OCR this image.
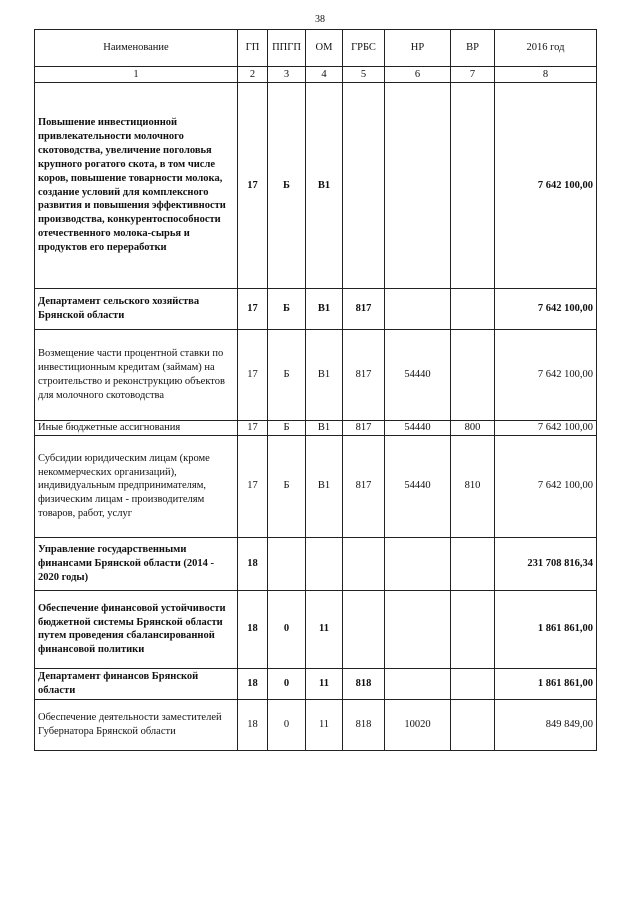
38
Наименование	ГП	ППГП	ОМ	ГРБС	НР	ВР	2016 год
1	2	3	4	5	6	7	8
Повышение инвестиционной привлекательности молочного скотоводства, увеличение поголовья крупного рогатого скота, в том числе коров, повышение товарности молока, создание условий для комплексного развития и повышения эффективности производства, конкурентоспособности отечественного молока-сырья и продуктов его переработки	17	Б	В1				7 642 100,00
Департамент сельского хозяйства Брянской области	17	Б	В1	817			7 642 100,00
Возмещение части процентной ставки по инвестиционным кредитам (займам) на строительство и реконструкцию объектов для молочного скотоводства	17	Б	В1	817	54440		7 642 100,00
Иные бюджетные ассигнования	17	Б	В1	817	54440	800	7 642 100,00
Субсидии юридическим лицам (кроме некоммерческих организаций), индивидуальным предпринимателям, физическим лицам - производителям товаров, работ, услуг	17	Б	В1	817	54440	810	7 642 100,00
Управление государственными финансами Брянской области (2014 - 2020 годы)	18						231 708 816,34
Обеспечение финансовой устойчивости бюджетной системы Брянской области путем проведения сбалансированной финансовой политики	18	0	11				1 861 861,00
Департамент финансов Брянской области	18	0	11	818			1 861 861,00
Обеспечение деятельности заместителей Губернатора Брянской области	18	0	11	818	10020		849 849,00
